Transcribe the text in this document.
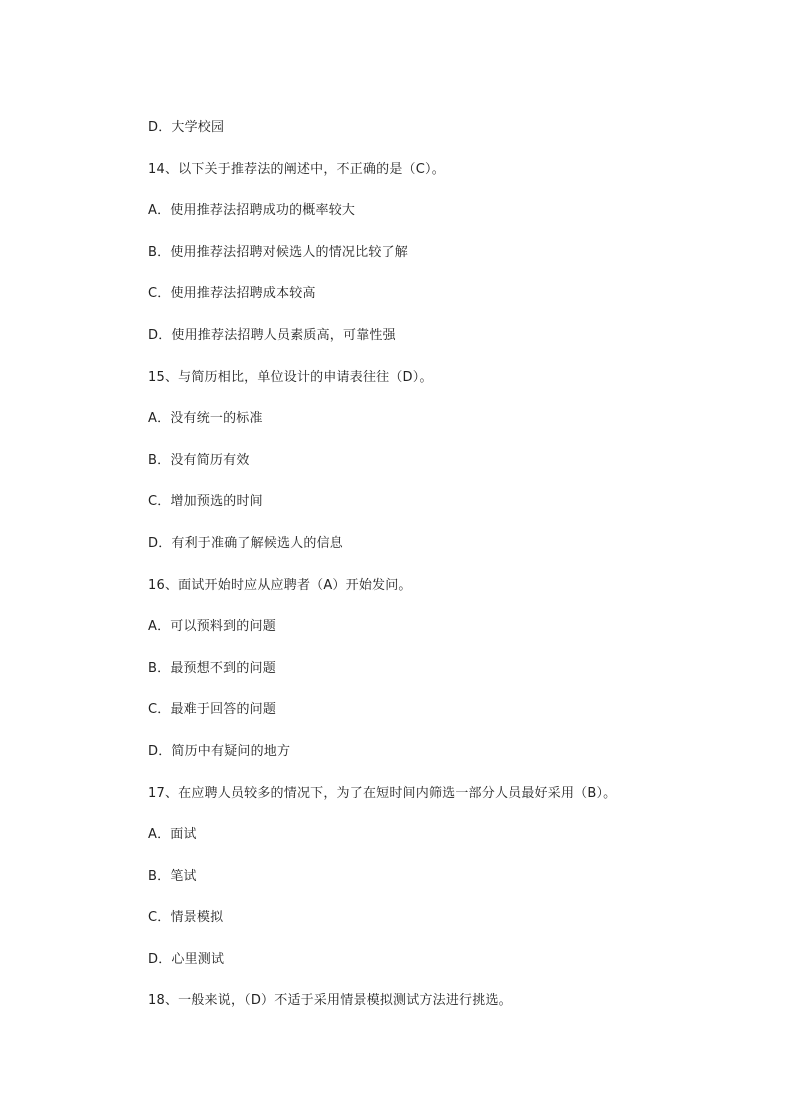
D．大学校园
14、以下关于推荐法的阐述中，不正确的是（C）。
A．使用推荐法招聘成功的概率较大
B．使用推荐法招聘对候选人的情况比较了解
C．使用推荐法招聘成本较高
D．使用推荐法招聘人员素质高，可靠性强
15、与简历相比，单位设计的申请表往往（D）。
A．没有统一的标准
B．没有简历有效
C．增加预选的时间
D．有利于准确了解候选人的信息
16、面试开始时应从应聘者（A）开始发问。
A．可以预料到的问题
B．最预想不到的问题
C．最难于回答的问题
D．简历中有疑问的地方
17、在应聘人员较多的情况下，为了在短时间内筛选一部分人员最好采用（B）。
A．面试
B．笔试
C．情景模拟
D．心里测试
18、一般来说，（D）不适于采用情景模拟测试方法进行挑选。
